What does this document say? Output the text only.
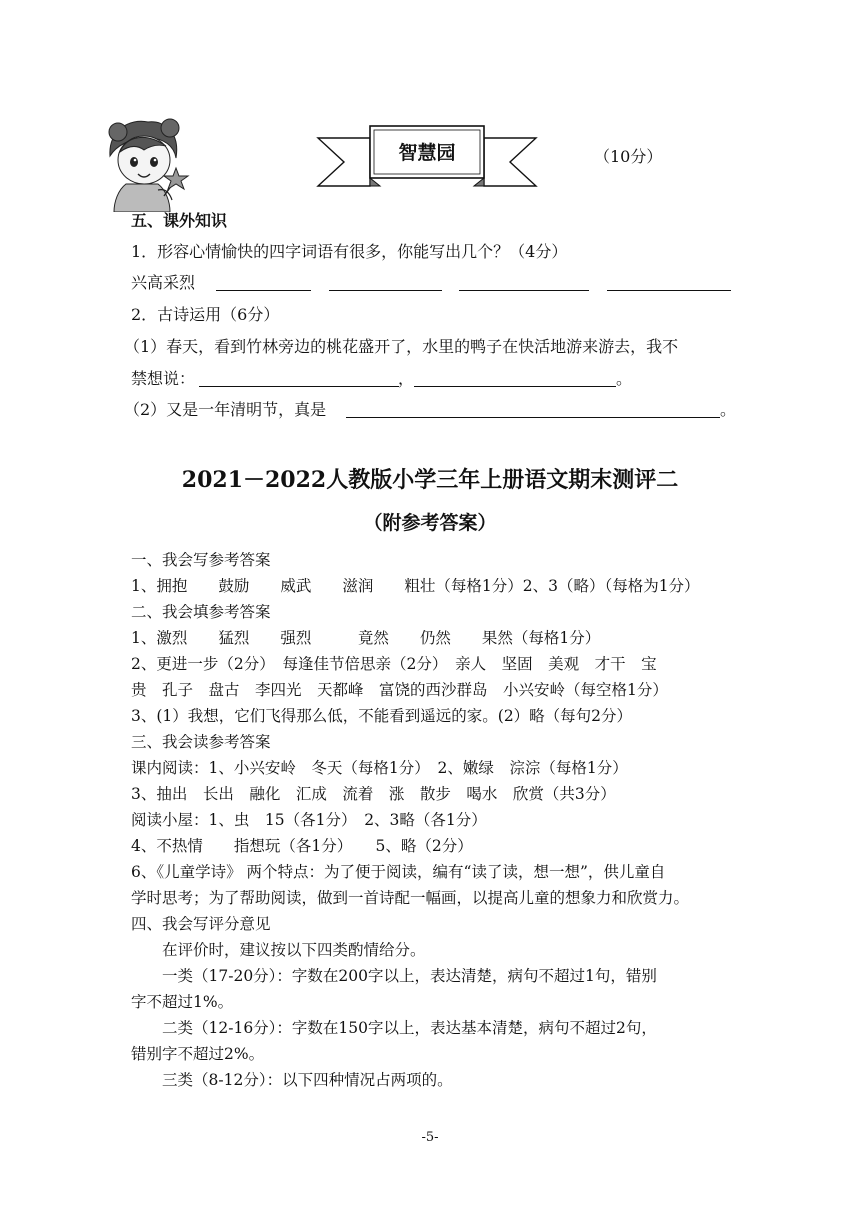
智慧园	（10分）
五、课外知识
1．形容心情愉快的四字词语有很多，你能写出几个？（4分）
兴高采烈
2．古诗运用（6分）
（1）春天，看到竹林旁边的桃花盛开了，水里的鸭子在快活地游来游去，我不
禁想说：	，	。
（2）又是一年清明节，真是	。
2021－2022人教版小学三年上册语文期末测评二
（附参考答案）
一、我会写参考答案
1、拥抱　　鼓励　　威武　　滋润　　粗壮（每格1分）2、3（略）（每格为1分）
二、我会填参考答案
1、激烈　　猛烈　　强烈　　　竟然　　仍然　　果然（每格1分）
2、更进一步（2分）　每逢佳节倍思亲（2分）　亲人　坚固　美观　才干　宝
贵　孔子　盘古　李四光　天都峰　富饶的西沙群岛　小兴安岭（每空格1分）
3、(1）我想，它们飞得那么低，不能看到遥远的家。(2）略（每句2分）
三、我会读参考答案
课内阅读：1、小兴安岭　冬天（每格1分）　2、嫩绿　淙淙（每格1分）
3、抽出　长出　融化　汇成　流着　涨　散步　喝水　欣赏（共3分）
阅读小屋：1、虫　15（各1分）　2、3略（各1分）
4、不热情　　指想玩（各1分）　　5、略（2分）
6、《儿童学诗》 两个特点：为了便于阅读，编有“读了读，想一想”，供儿童自
学时思考；为了帮助阅读，做到一首诗配一幅画，以提高儿童的想象力和欣赏力。
四、我会写评分意见
　　在评价时，建议按以下四类酌情给分。
　　一类（17-20分）：字数在200字以上，表达清楚，病句不超过1句，错别
字不超过1%。
　　二类（12-16分）：字数在150字以上，表达基本清楚，病句不超过2句，
错别字不超过2%。
　　三类（8-12分）：以下四种情况占两项的。
-5-
